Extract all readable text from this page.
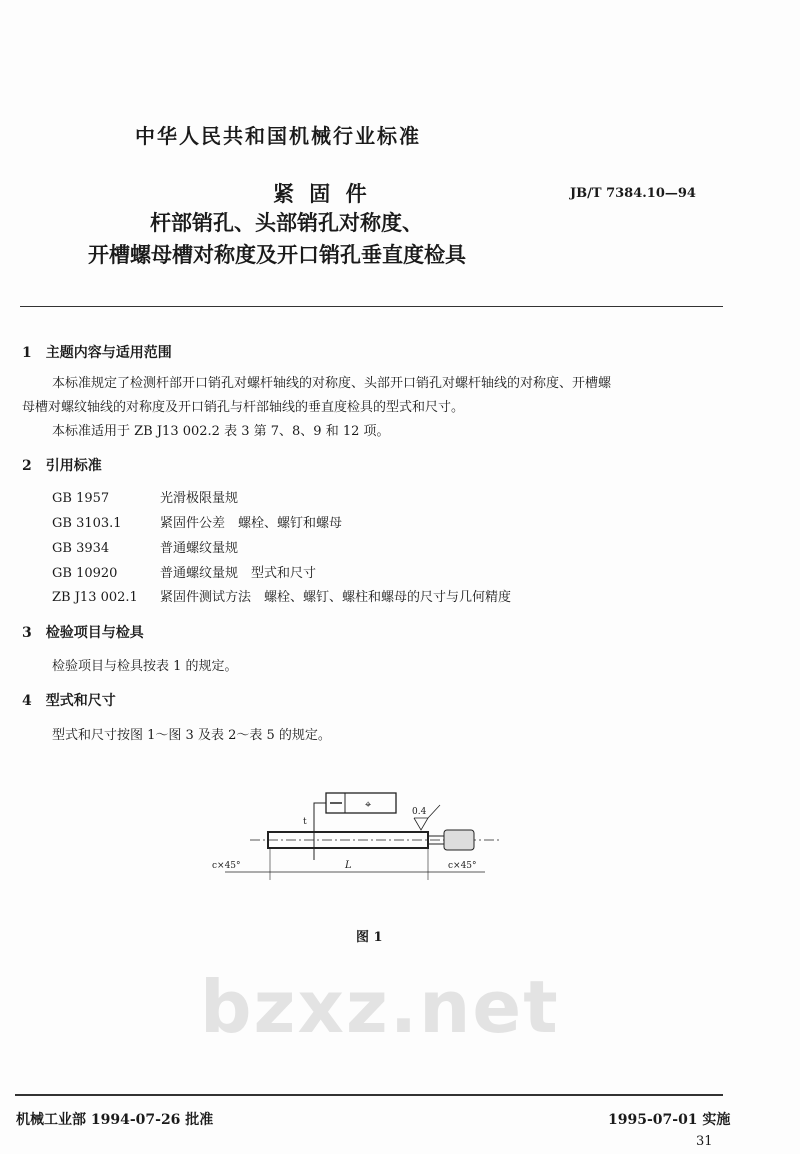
bzxz.net
中华人民共和国机械行业标准
紧 固 件	JB/T 7384.10—94
杆部销孔、头部销孔对称度、
开槽螺母槽对称度及开口销孔垂直度检具
1　 主题内容与适用范围
本标准规定了检测杆部开口销孔对螺杆轴线的对称度、头部开口销孔对螺杆轴线的对称度、开槽螺
母槽对螺纹轴线的对称度及开口销孔与杆部轴线的垂直度检具的型式和尺寸。
本标准适用于 ZB J13 002.2 表 3 第 7、8、9 和 12 项。
2　 引用标准
GB 1957	光滑极限量规
GB 3103.1	紧固件公差　螺栓、螺钉和螺母
GB 3934	普通螺纹量规
GB 10920	普通螺纹量规　型式和尺寸
ZB J13 002.1 紧固件测试方法　螺栓、螺钉、螺柱和螺母的尺寸与几何精度
3　 检验项目与检具
检验项目与检具按表 1 的规定。
4　 型式和尺寸
型式和尺寸按图 1～图 3 及表 2～表 5 的规定。
⌖
0.4
t
c×45°	L	c×45°
图 1
机械工业部 1994-07-26 批准	1995-07-01 实施
31
